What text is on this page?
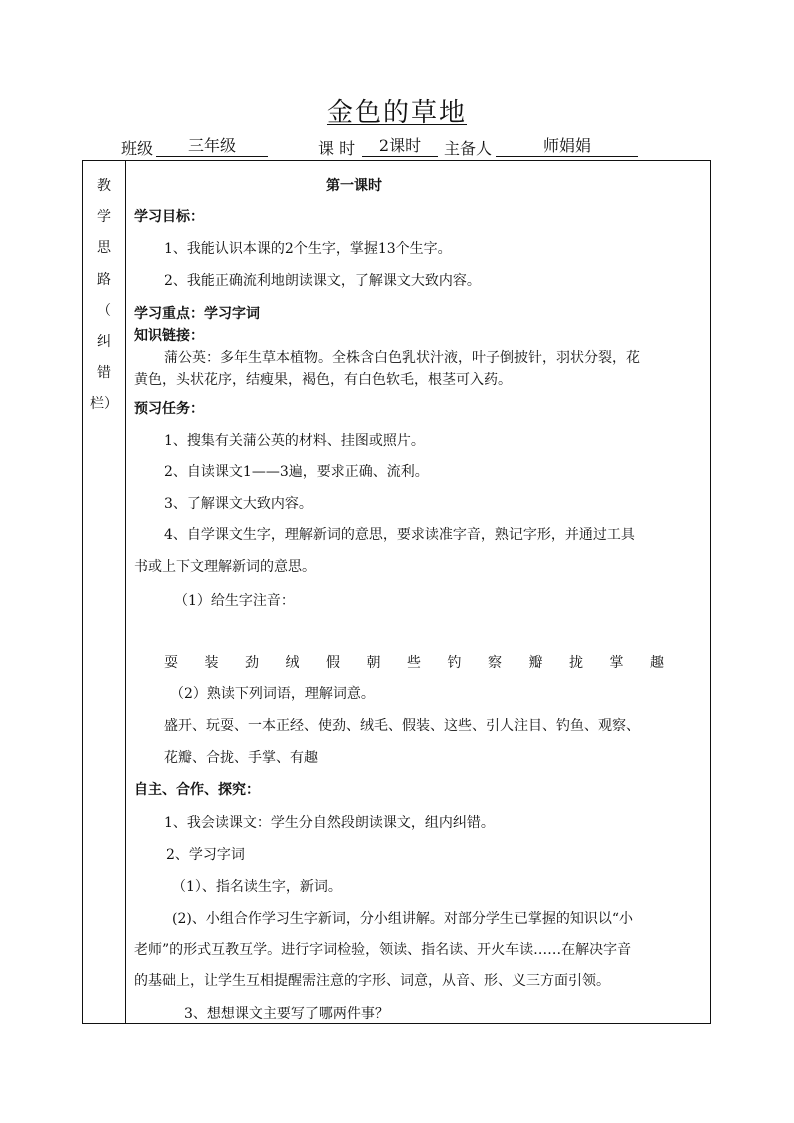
金色的草地
班级	三年级	课 时	2课时	主备人	师娟娟
教
学
思
路
（
纠
错
栏）
第一课时
学习目标：
1、我能认识本课的2个生字，掌握13个生字。
2、我能正确流利地朗读课文，了解课文大致内容。
学习重点：学习字词
知识链接：
蒲公英：多年生草本植物。全株含白色乳状汁液，叶子倒披针，羽状分裂，花
黄色，头状花序，结瘦果，褐色，有白色软毛，根茎可入药。
预习任务：
1、搜集有关蒲公英的材料、挂图或照片。
2、自读课文1——3遍，要求正确、流利。
3、了解课文大致内容。
4、自学课文生字，理解新词的意思，要求读准字音，熟记字形，并通过工具
书或上下文理解新词的意思。
（1）给生字注音：
耍 装 劲 绒 假 朝 些 钓 察 瓣 拢 掌 趣
（2）熟读下列词语，理解词意。
盛开、玩耍、一本正经、使劲、绒毛、假装、这些、引人注目、钓鱼、观察、
花瓣、合拢、手掌、有趣
自主、合作、探究：
1、我会读课文：学生分自然段朗读课文，组内纠错。
2、学习字词
（1）、指名读生字，新词。
(2)、小组合作学习生字新词，分小组讲解。对部分学生已掌握的知识以“小
老师”的形式互教互学。进行字词检验，领读、指名读、开火车读……在解决字音
的基础上，让学生互相提醒需注意的字形、词意，从音、形、义三方面引领。
3、想想课文主要写了哪两件事？
